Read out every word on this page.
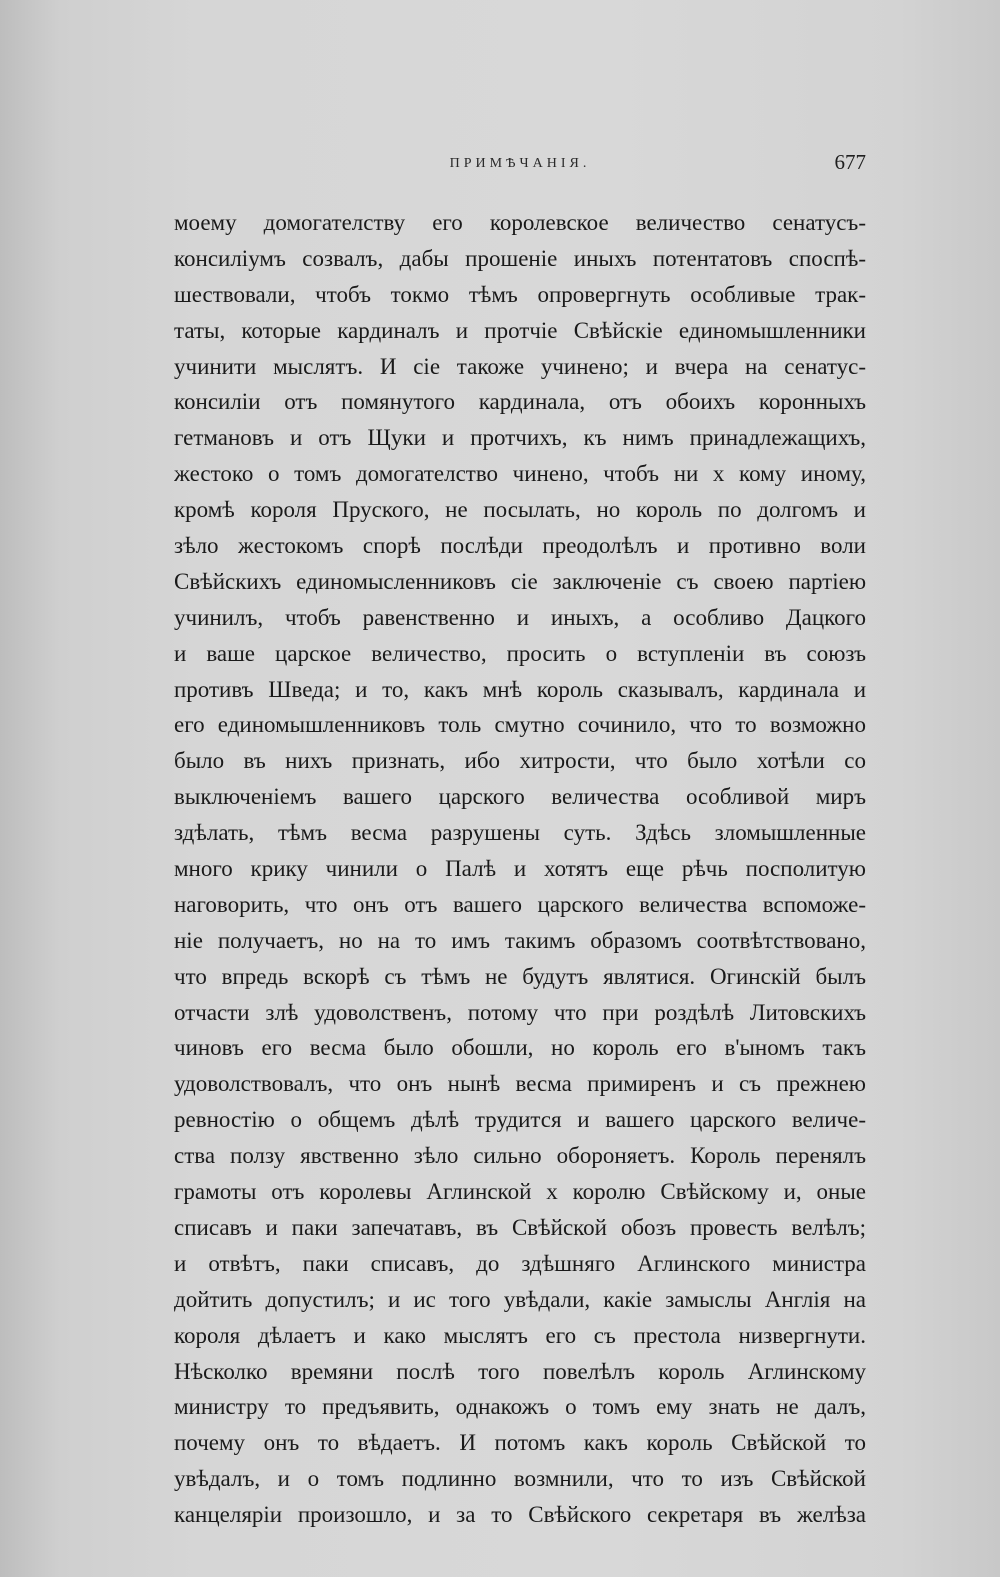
ПРИМѢЧАНІЯ.	677
моему домогателству его королевское величество сенатусъ-
консилiумъ созвалъ, дабы прошенiе иныхъ потентатовъ споспѣ-
шествовали, чтобъ токмо тѣмъ опровергнуть особливые трак-
таты, которые кардиналъ и протчiе Свѣйскiе единомышленники
учинити мыслятъ. И сiе такоже учинено; и вчера на сенатус-
консилiи отъ помянутого кардинала, отъ обоихъ коронныхъ
гетмановъ и отъ Щуки и протчихъ, къ нимъ принадлежащихъ,
жестоко о томъ домогателство чинено, чтобъ ни х кому иному,
кромѣ короля Пруского, не посылать, но король по долгомъ и
зѣло жестокомъ спорѣ послѣди преодолѣлъ и противно воли
Свѣйскихъ единомысленниковъ сiе заключенiе съ своею партiею
учинилъ, чтобъ равенственно и иныхъ, а особливо Дацкого
и ваше царское величество, просить о вступленiи въ союзъ
противъ Шведа; и то, какъ мнѣ король сказывалъ, кардинала и
его единомышленниковъ толь смутно сочинило, что то возможно
было въ нихъ признать, ибо хитрости, что было хотѣли со
выключенiемъ вашего царского величества особливой миръ
здѣлать, тѣмъ весма разрушены суть. Здѣсь зломышленные
много крику чинили о Палѣ и хотятъ еще рѣчь посполитую
наговорить, что онъ отъ вашего царского величества вспоможе-
нiе получаетъ, но на то имъ такимъ образомъ соотвѣтствовано,
что впредь вскорѣ съ тѣмъ не будутъ являтися. Огинскiй былъ
отчасти злѣ удоволственъ, потому что при роздѣлѣ Литовскихъ
чиновъ его весма было обошли, но король его в'ыномъ такъ
удоволствовалъ, что онъ нынѣ весма примиренъ и съ прежнею
ревностiю о общемъ дѣлѣ трудится и вашего царского величе-
ства ползу явственно зѣло сильно обороняетъ. Король перенялъ
грамоты отъ королевы Аглинской х королю Свѣйскому и, оные
списавъ и паки запечатавъ, въ Свѣйской обозъ провесть велѣлъ;
и отвѣтъ, паки списавъ, до здѣшняго Аглинского министра
дойтить допустилъ; и ис того увѣдали, какiе замыслы Англiя на
короля дѣлаетъ и како мыслятъ его съ престола низвергнути.
Нѣсколко времяни послѣ того повелѣлъ король Аглинскому
министру то предъявить, однакожъ о томъ ему знать не далъ,
почему онъ то вѣдаетъ. И потомъ какъ король Свѣйской то
увѣдалъ, и о томъ подлинно возмнили, что то изъ Свѣйской
канцелярiи произошло, и за то Свѣйского секретаря въ желѣза
